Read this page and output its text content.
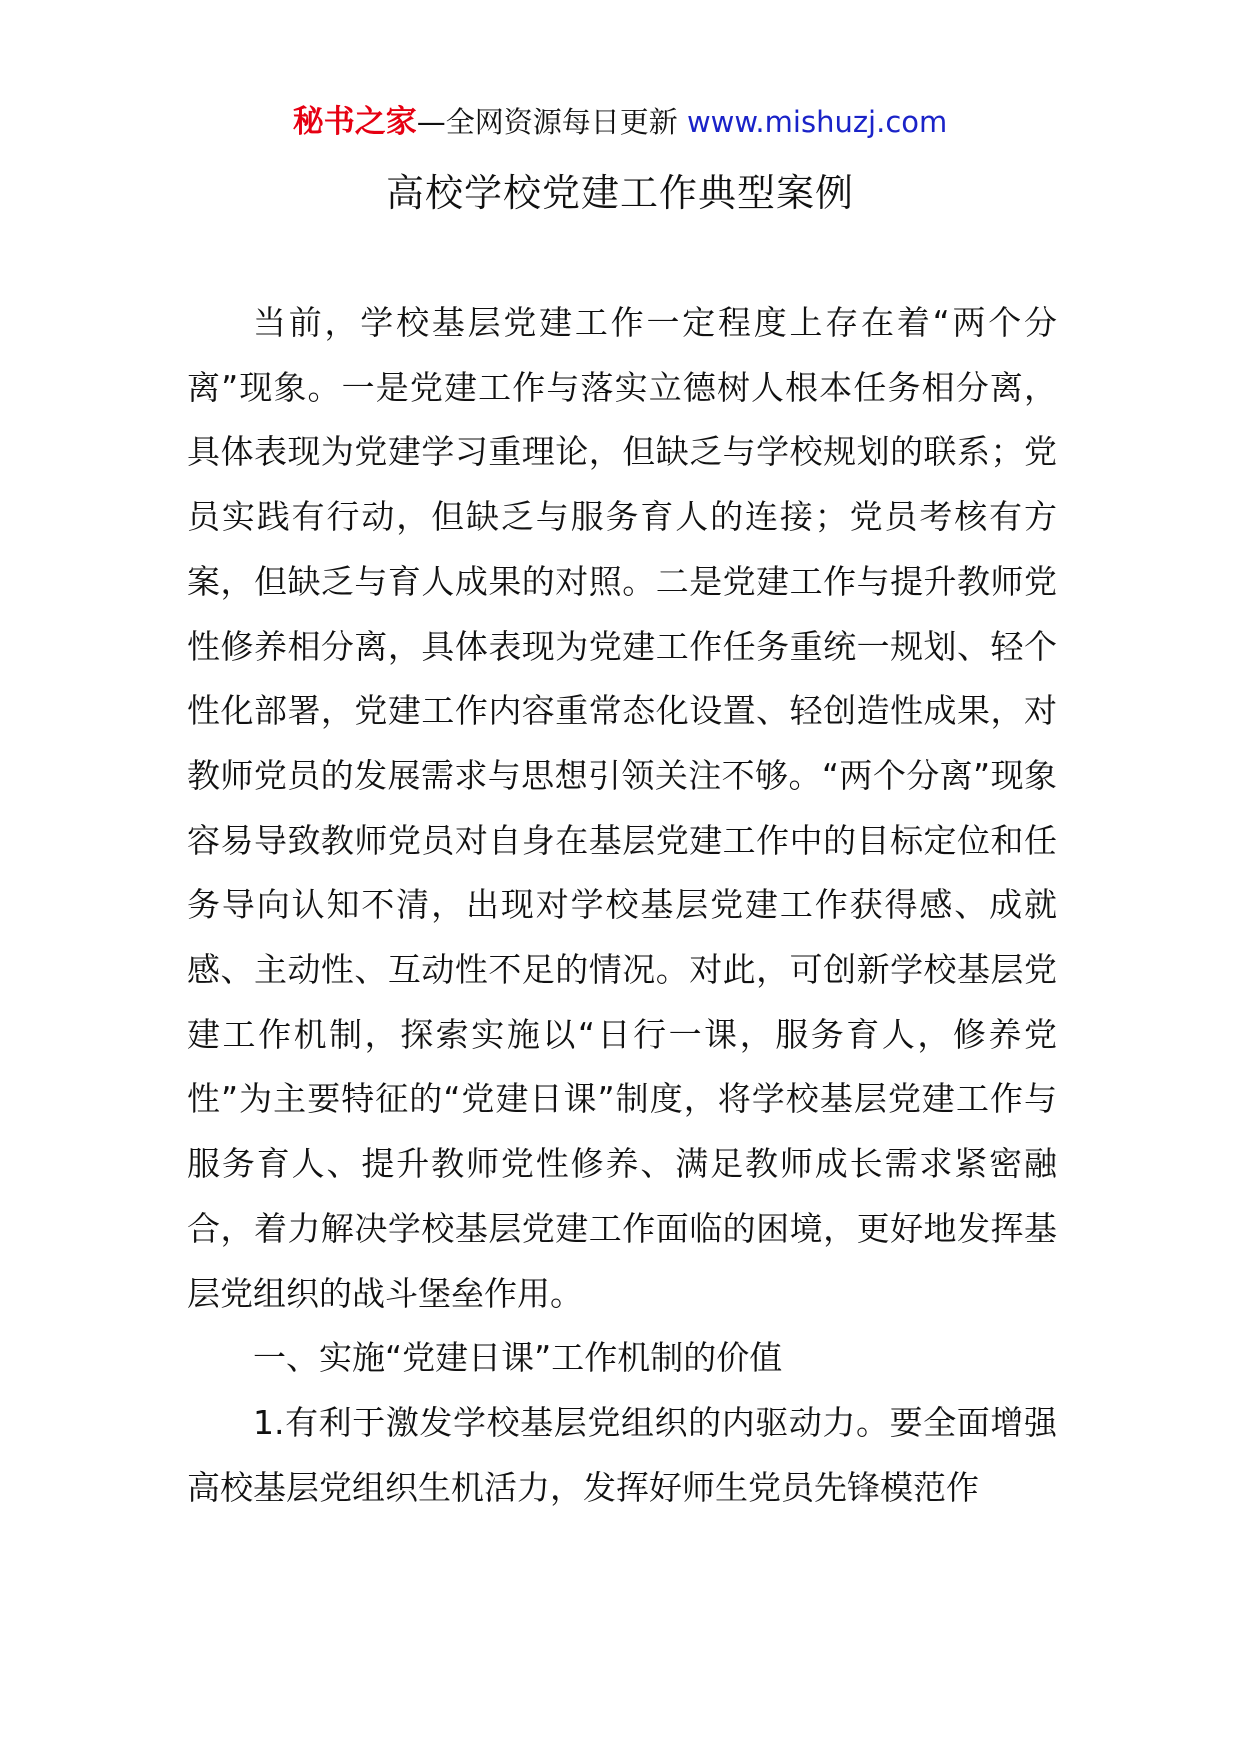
秘书之家—全网资源每日更新 www.mishuzj.com
高校学校党建工作典型案例

当前，学校基层党建工作一定程度上存在着“两个分离”现象。一是党建工作与落实立德树人根本任务相分离，具体表现为党建学习重理论，但缺乏与学校规划的联系；党员实践有行动，但缺乏与服务育人的连接；党员考核有方案，但缺乏与育人成果的对照。二是党建工作与提升教师党性修养相分离，具体表现为党建工作任务重统一规划、轻个性化部署，党建工作内容重常态化设置、轻创造性成果，对教师党员的发展需求与思想引领关注不够。“两个分离”现象容易导致教师党员对自身在基层党建工作中的目标定位和任务导向认知不清，出现对学校基层党建工作获得感、成就感、主动性、互动性不足的情况。对此，可创新学校基层党建工作机制，探索实施以“日行一课，服务育人，修养党性”为主要特征的“党建日课”制度，将学校基层党建工作与服务育人、提升教师党性修养、满足教师成长需求紧密融合，着力解决学校基层党建工作面临的困境，更好地发挥基层党组织的战斗堡垒作用。

一、实施“党建日课”工作机制的价值

1.有利于激发学校基层党组织的内驱动力。要全面增强高校基层党组织生机活力，发挥好师生党员先锋模范作
